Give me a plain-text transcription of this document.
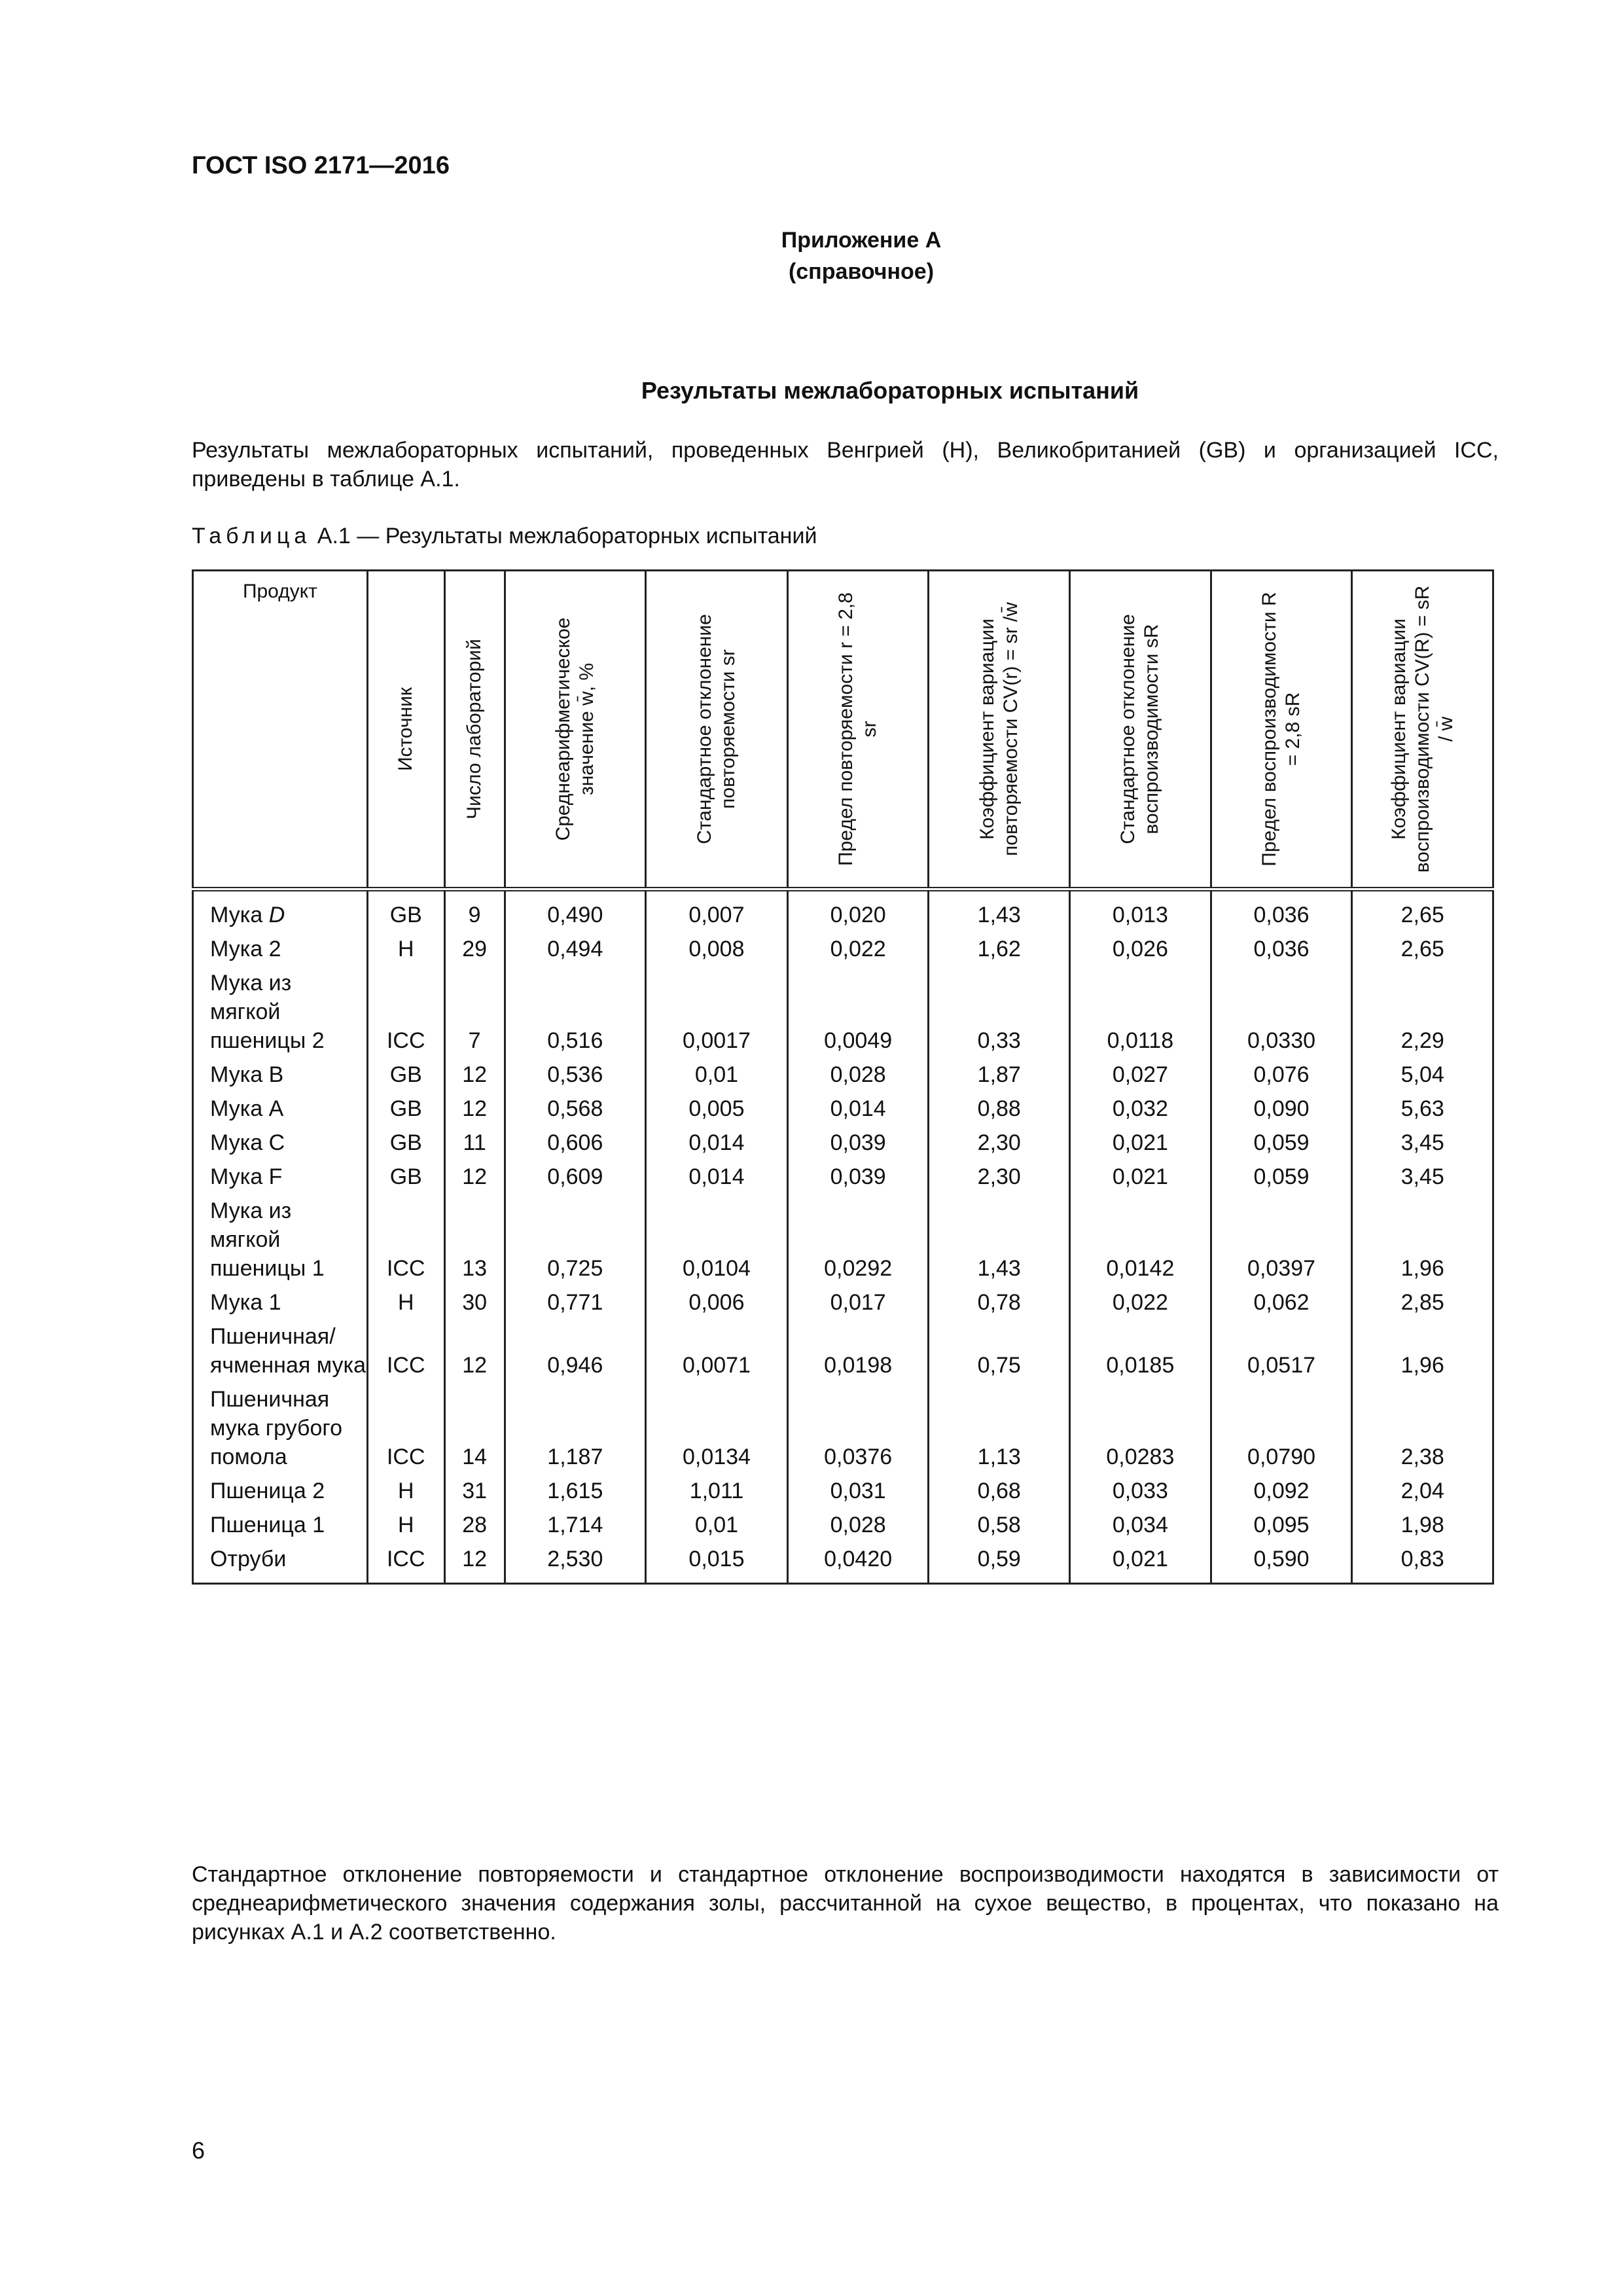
ГОСТ ISO 2171—2016
Приложение А
(справочное)
Результаты межлабораторных испытаний
Результаты межлабораторных испытаний, проведенных Венгрией (H), Великобританией (GB) и организацией ICC, приведены в таблице А.1.
Таблица А.1 — Результаты межлабораторных испытаний
Продукт	Источник	Число лабораторий	Среднеарифметическое значение w̄, %	Стандартное отклонение повторяемости sr	Предел повторяемости r = 2,8 sr	Коэффициент вариации повторяемости CV(r) = sr /w̄	Стандартное отклонение воспроизводимости sR	Предел воспроизводимости R = 2,8 sR	Коэффициент вариации воспроизводимости CV(R) = sR / w̄

Мука D	GB	9	0,490	0,007	0,020	1,43	0,013	0,036	2,65
Мука 2	H	29	0,494	0,008	0,022	1,62	0,026	0,036	2,65
Мука из мягкой пшеницы 2	ICC	7	0,516	0,0017	0,0049	0,33	0,0118	0,0330	2,29
Мука B	GB	12	0,536	0,01	0,028	1,87	0,027	0,076	5,04
Мука A	GB	12	0,568	0,005	0,014	0,88	0,032	0,090	5,63
Мука C	GB	11	0,606	0,014	0,039	2,30	0,021	0,059	3,45
Мука F	GB	12	0,609	0,014	0,039	2,30	0,021	0,059	3,45
Мука из мягкой пшеницы 1	ICC	13	0,725	0,0104	0,0292	1,43	0,0142	0,0397	1,96
Мука 1	H	30	0,771	0,006	0,017	0,78	0,022	0,062	2,85
Пшеничная/ ячменная мука	ICC	12	0,946	0,0071	0,0198	0,75	0,0185	0,0517	1,96
Пшеничная мука грубого помола	ICC	14	1,187	0,0134	0,0376	1,13	0,0283	0,0790	2,38
Пшеница 2	H	31	1,615	1,011	0,031	0,68	0,033	0,092	2,04
Пшеница 1	H	28	1,714	0,01	0,028	0,58	0,034	0,095	1,98
Отруби	ICC	12	2,530	0,015	0,0420	0,59	0,021	0,590	0,83
Стандартное отклонение повторяемости и стандартное отклонение воспроизводимости находятся в зависимости от среднеарифметического значения содержания золы, рассчитанной на сухое вещество, в процентах, что показано на рисунках А.1 и А.2 соответственно.
6
